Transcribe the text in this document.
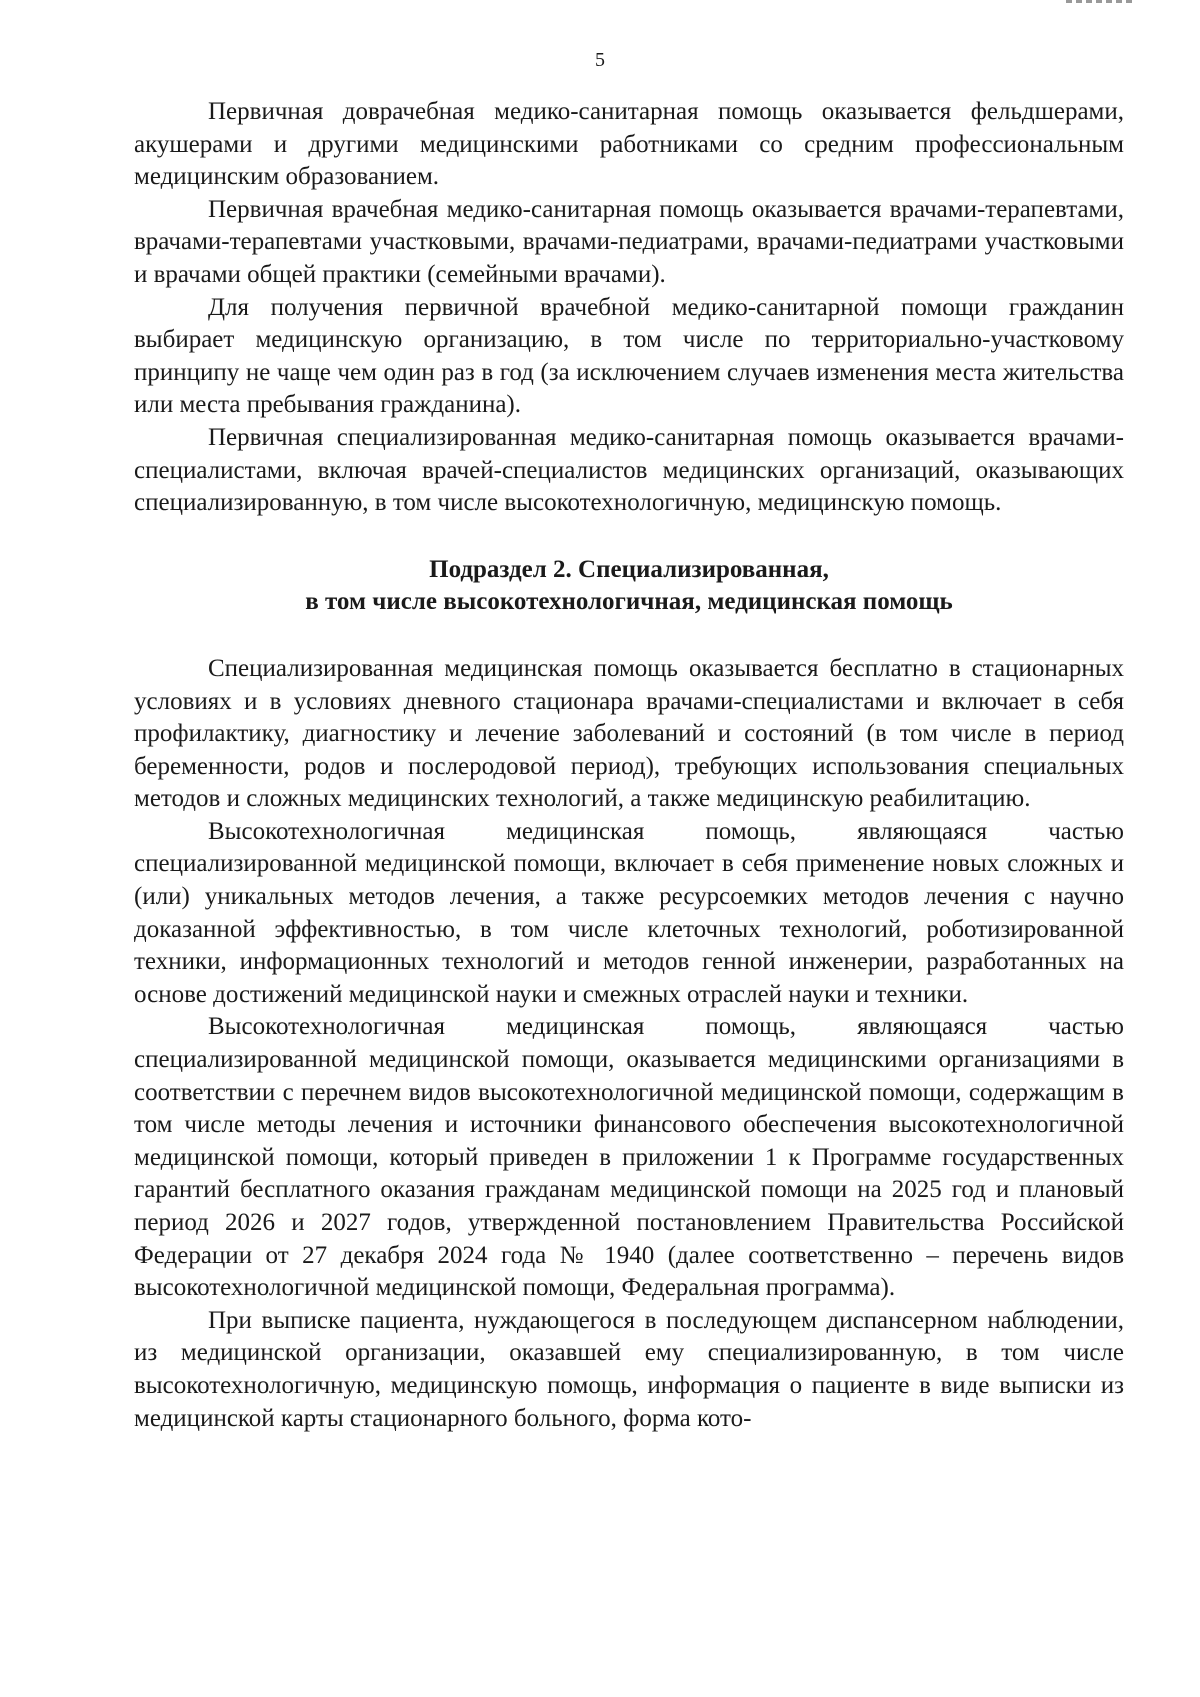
5

Первичная доврачебная медико-санитарная помощь оказывается фельдшерами, акушерами и другими медицинскими работниками со средним профессиональным медицинским образованием.

Первичная врачебная медико-санитарная помощь оказывается врачами-терапевтами, врачами-терапевтами участковыми, врачами-педиатрами, врачами-педиатрами участковыми и врачами общей практики (семейными врачами).

Для получения первичной врачебной медико-санитарной помощи гражданин выбирает медицинскую организацию, в том числе по территориально-участковому принципу не чаще чем один раз в год (за исключением случаев изменения места жительства или места пребывания гражданина).

Первичная специализированная медико-санитарная помощь оказывается врачами-специалистами, включая врачей-специалистов медицинских организаций, оказывающих специализированную, в том числе высокотехнологичную, медицинскую помощь.

Подраздел 2. Специализированная,

в том числе высокотехнологичная, медицинская помощь

Специализированная медицинская помощь оказывается бесплатно в стационарных условиях и в условиях дневного стационара врачами-специалистами и включает в себя профилактику, диагностику и лечение заболеваний и состояний (в том числе в период беременности, родов и послеродовой период), требующих использования специальных методов и сложных медицинских технологий, а также медицинскую реабилитацию.

Высокотехнологичная медицинская помощь, являющаяся частью специализированной медицинской помощи, включает в себя применение новых сложных и (или) уникальных методов лечения, а также ресурсоемких методов лечения с научно доказанной эффективностью, в том числе клеточных технологий, роботизированной техники, информационных технологий и методов генной инженерии, разработанных на основе достижений медицинской науки и смежных отраслей науки и техники.

Высокотехнологичная медицинская помощь, являющаяся частью специализированной медицинской помощи, оказывается медицинскими организациями в соответствии с перечнем видов высокотехнологичной медицинской помощи, содержащим в том числе методы лечения и источники финансового обеспечения высокотехнологичной медицинской помощи, который приведен в приложении 1 к Программе государственных гарантий бесплатного оказания гражданам медицинской помощи на 2025 год и плановый период 2026 и 2027 годов, утвержденной постановлением Правительства Российской Федерации от 27 декабря 2024 года № 1940 (далее соответственно – перечень видов высокотехнологичной медицинской помощи, Федеральная программа).

При выписке пациента, нуждающегося в последующем диспансерном наблюдении, из медицинской организации, оказавшей ему специализированную, в том числе высокотехнологичную, медицинскую помощь, информация о пациенте в виде выписки из медицинской карты стационарного больного, форма кото-
